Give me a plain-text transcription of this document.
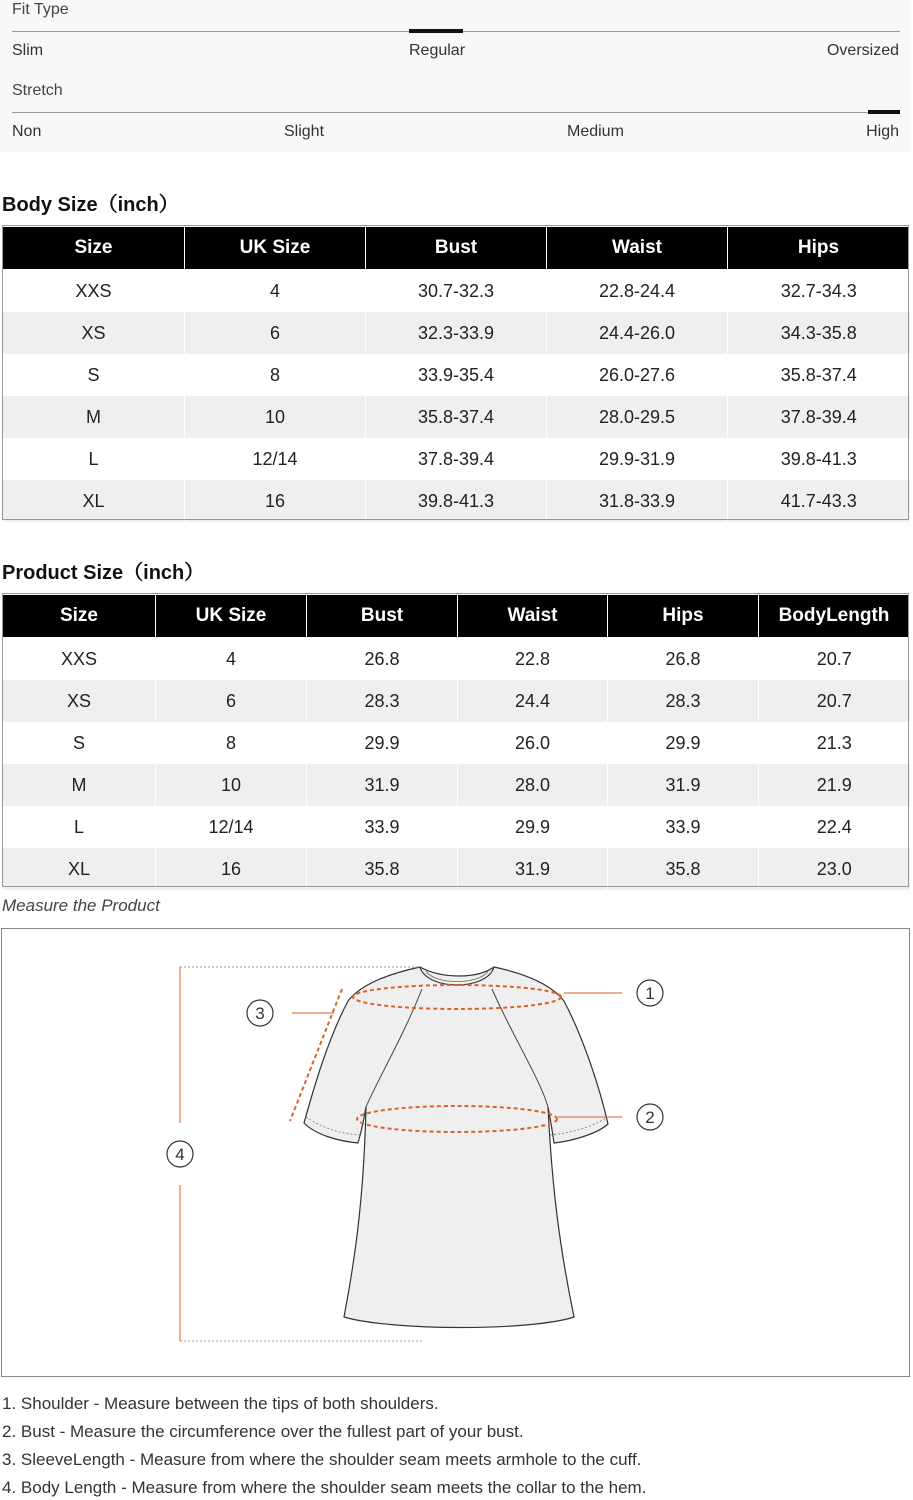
Fit Type
Slim	Regular	Oversized
Stretch
Non	Slight	Medium	High
Body Size（inch）
Size	UK Size	Bust	Waist	Hips
XXS	4	30.7-32.3	22.8-24.4	32.7-34.3
XS	6	32.3-33.9	24.4-26.0	34.3-35.8
S	8	33.9-35.4	26.0-27.6	35.8-37.4
M	10	35.8-37.4	28.0-29.5	37.8-39.4
L	12/14	37.8-39.4	29.9-31.9	39.8-41.3
XL	16	39.8-41.3	31.8-33.9	41.7-43.3
Product Size（inch）
Size	UK Size	Bust	Waist	Hips	BodyLength
XXS	4	26.8	22.8	26.8	20.7
XS	6	28.3	24.4	28.3	20.7
S	8	29.9	26.0	29.9	21.3
M	10	31.9	28.0	31.9	21.9
L	12/14	33.9	29.9	33.9	22.4
XL	16	35.8	31.9	35.8	23.0
Measure the Product
1
2
3
4
1. Shoulder - Measure between the tips of both shoulders.
2. Bust - Measure the circumference over the fullest part of your bust.
3. SleeveLength - Measure from where the shoulder seam meets armhole to the cuff.
4. Body Length - Measure from where the shoulder seam meets the collar to the hem.
